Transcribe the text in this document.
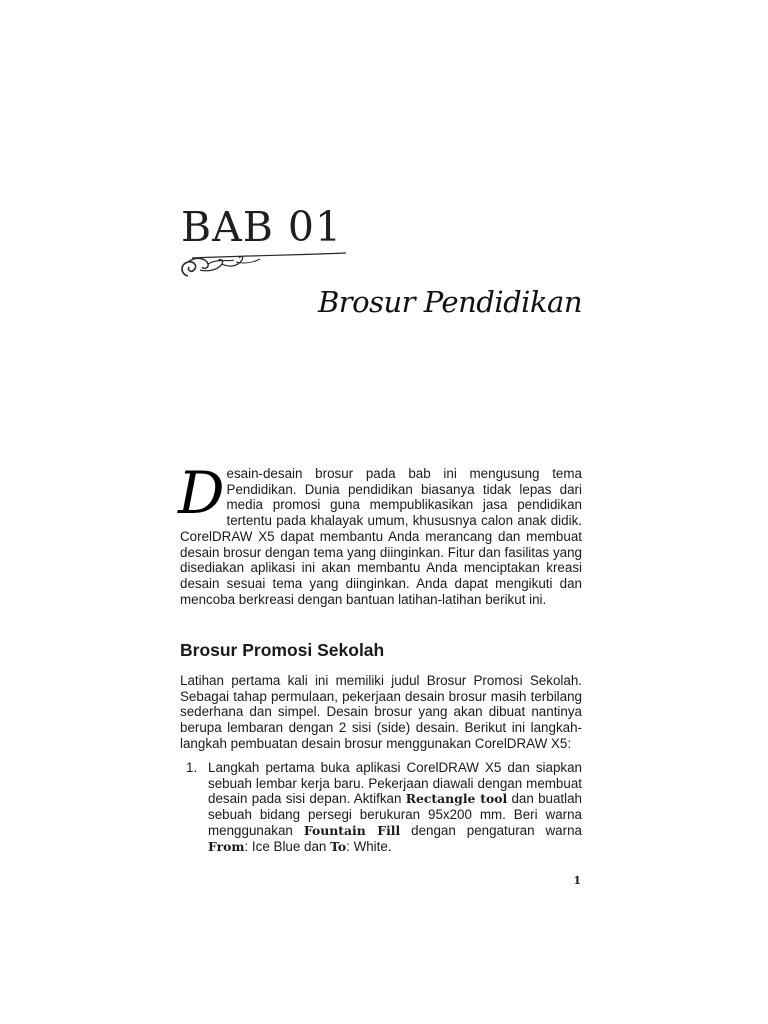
BAB 01
Brosur Pendidikan

Desain-desain brosur pada bab ini mengusung tema Pendidikan. Dunia pendidikan biasanya tidak lepas dari media promosi guna mempublikasikan jasa pendidikan tertentu pada khalayak umum, khususnya calon anak didik. CorelDRAW X5 dapat membantu Anda merancang dan membuat desain brosur dengan tema yang diinginkan. Fitur dan fasilitas yang disediakan aplikasi ini akan membantu Anda menciptakan kreasi desain sesuai tema yang diinginkan. Anda dapat mengikuti dan mencoba berkreasi dengan bantuan latihan-latihan berikut ini.

Brosur Promosi Sekolah

Latihan pertama kali ini memiliki judul Brosur Promosi Sekolah. Sebagai tahap permulaan, pekerjaan desain brosur masih terbilang sederhana dan simpel. Desain brosur yang akan dibuat nantinya berupa lembaran dengan 2 sisi (side) desain. Berikut ini langkah-langkah pembuatan desain brosur menggunakan CorelDRAW X5:

1. Langkah pertama buka aplikasi CorelDRAW X5 dan siapkan sebuah lembar kerja baru. Pekerjaan diawali dengan membuat desain pada sisi depan. Aktifkan Rectangle tool dan buatlah sebuah bidang persegi berukuran 95x200 mm. Beri warna menggunakan Fountain Fill dengan pengaturan warna From: Ice Blue dan To: White.
1
